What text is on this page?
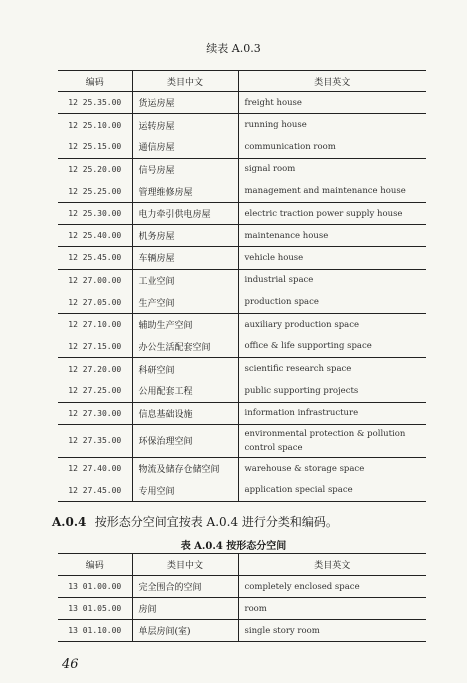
续表 A.0.3
编码	类目中文	类目英文
12 25.35.00	货运房屋	freight house
12 25.10.00	运转房屋	running house
12 25.15.00	通信房屋	communication room
12 25.20.00	信号房屋	signal room
12 25.25.00	管理维修房屋	management and maintenance house
12 25.30.00	电力牵引供电房屋	electric traction power supply house
12 25.40.00	机务房屋	maintenance house
12 25.45.00	车辆房屋	vehicle house
12 27.00.00	工业空间	industrial space
12 27.05.00	生产空间	production space
12 27.10.00	辅助生产空间	auxiliary production space
12 27.15.00	办公生活配套空间	office & life supporting space
12 27.20.00	科研空间	scientific research space
12 27.25.00	公用配套工程	public supporting projects
12 27.30.00	信息基础设施	information infrastructure
12 27.35.00	环保治理空间	environmental protection & pollution control space
12 27.40.00	物流及储存仓储空间	warehouse & storage space
12 27.45.00	专用空间	application special space
A.0.4 按形态分空间宜按表 A.0.4 进行分类和编码。
表 A.0.4 按形态分空间
编码	类目中文	类目英文
13 01.00.00	完全围合的空间	completely enclosed space
13 01.05.00	房间	room
13 01.10.00	单层房间(室)	single story room
46
